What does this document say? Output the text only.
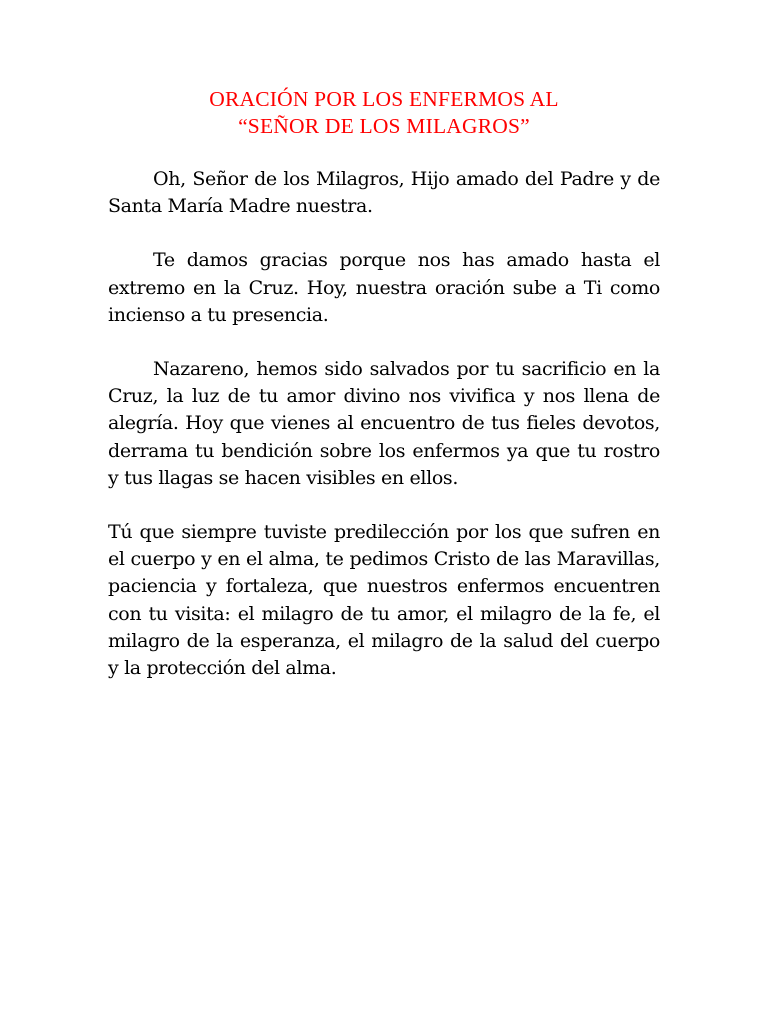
ORACIÓN POR LOS ENFERMOS AL
“SEÑOR DE LOS MILAGROS”

Oh, Señor de los Milagros, Hijo amado del Padre y de Santa María Madre nuestra.

Te damos gracias porque nos has amado hasta el extremo en la Cruz. Hoy, nuestra oración sube a Ti como incienso a tu presencia.

Nazareno, hemos sido salvados por tu sacrificio en la Cruz, la luz de tu amor divino nos vivifica y nos llena de alegría. Hoy que vienes al encuentro de tus fieles devotos, derrama tu bendición sobre los enfermos ya que tu rostro y tus llagas se hacen visibles en ellos.

Tú que siempre tuviste predilección por los que sufren en el cuerpo y en el alma, te pedimos Cristo de las Maravillas, paciencia y fortaleza, que nuestros enfermos encuentren con tu visita: el milagro de tu amor, el milagro de la fe, el milagro de la esperanza, el milagro de la salud del cuerpo y la protección del alma.
